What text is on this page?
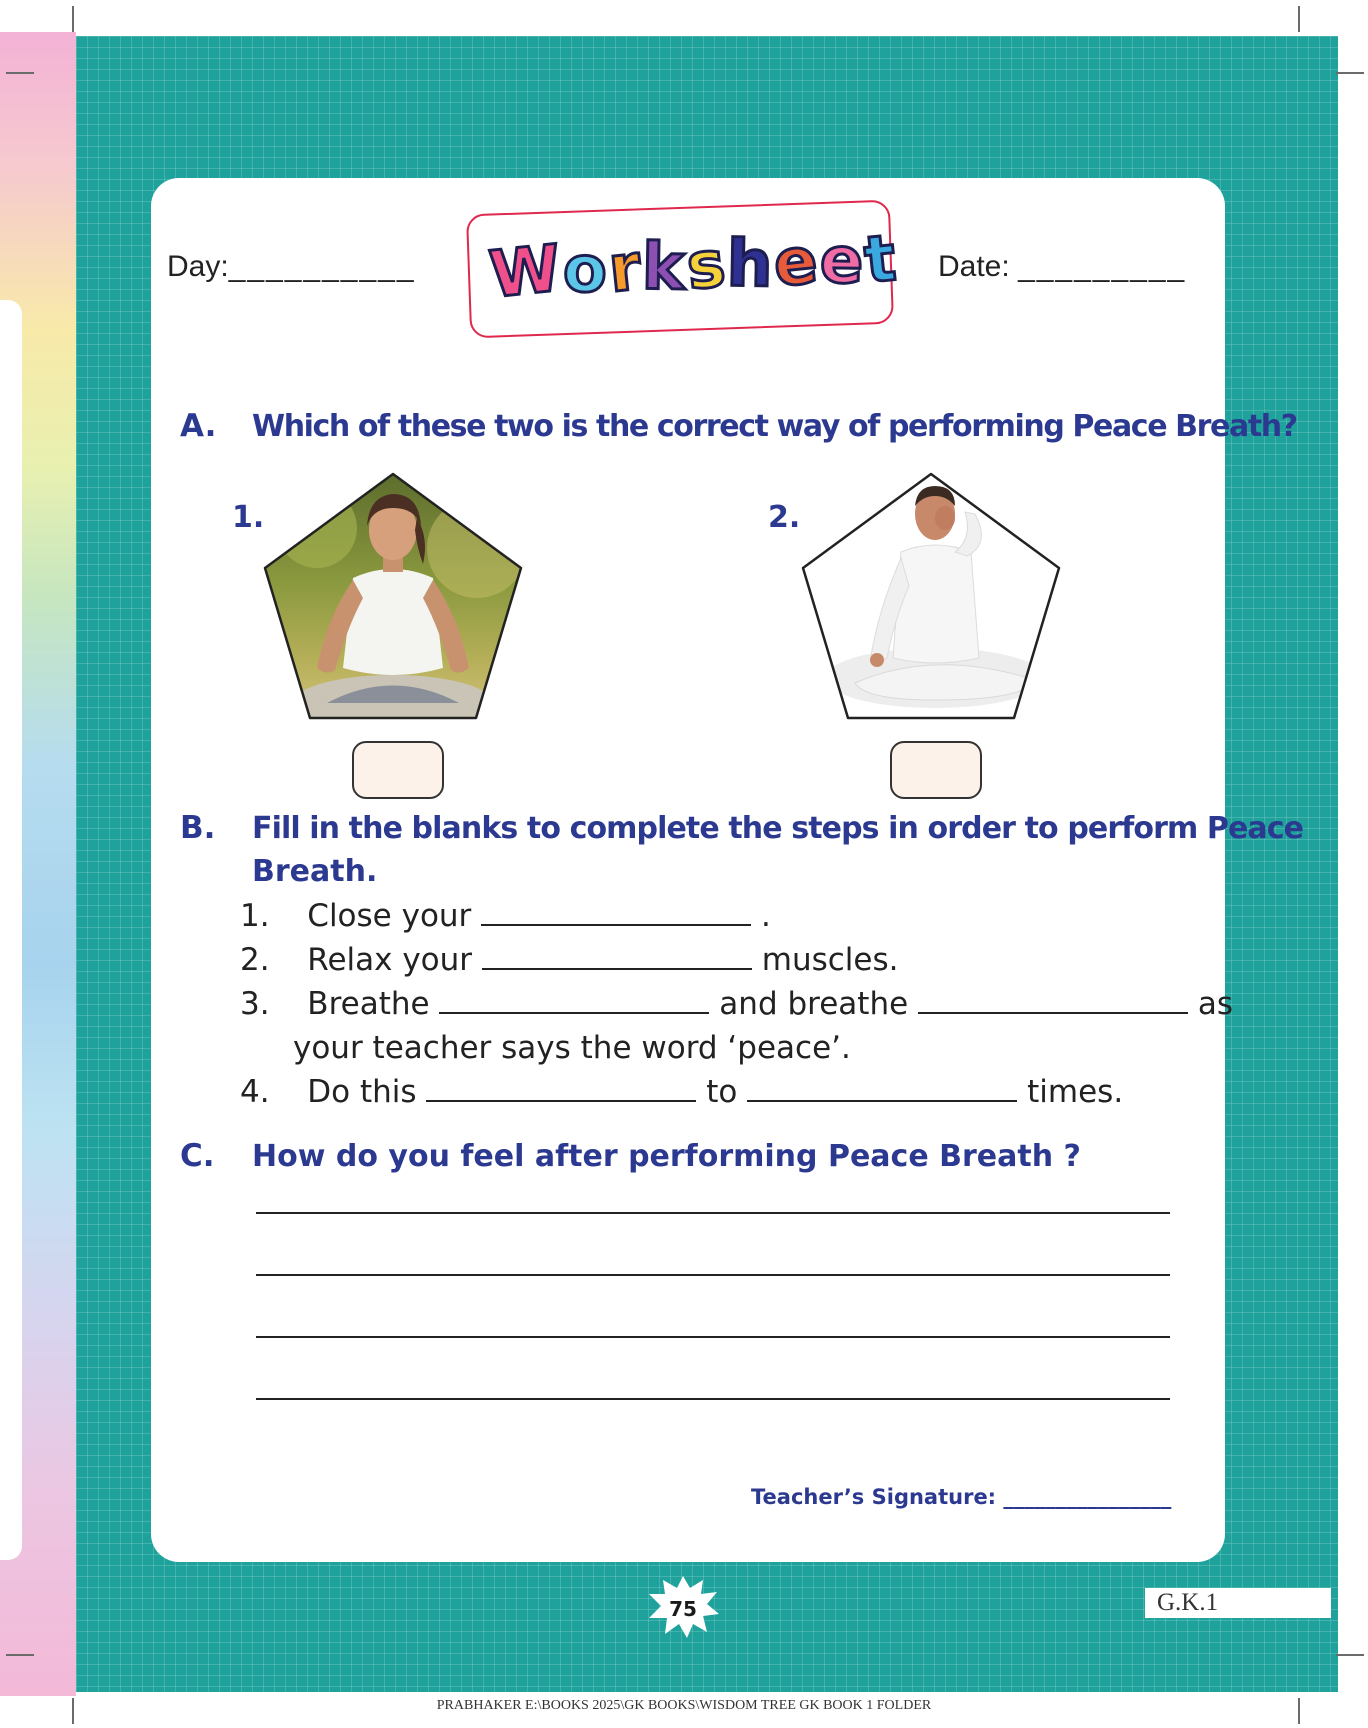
Day:__________ W
o
r
k
s
h
e
e
t Date: _________
A. Which of these two is the correct way of performing Peace Breath?
1.	2.
B. Fill in the blanks to complete the steps in order to perform Peace
Breath.
1. Close your	.
2. Relax your	muscles.
3. Breathe	and breathe	as
your teacher says the word ‘peace’.
4. Do this	to	times.
C. How do you feel after performing Peace Breath ?
Teacher’s Signature: ________________
75	G.K.1
PRABHAKER E:\BOOKS 2025\GK BOOKS\WISDOM TREE GK BOOK 1 FOLDER
